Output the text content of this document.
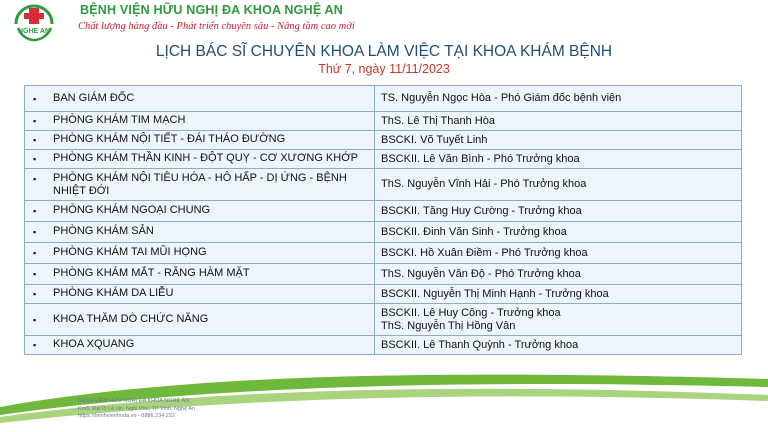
NGHE AN
BỆNH VIỆN HỮU NGHỊ ĐA KHOA NGHỆ AN
Chất lượng hàng đầu - Phát triển chuyên sâu - Nâng tầm cao mới
LỊCH BÁC SĨ CHUYÊN KHOA LÀM VIỆC TẠI KHOA KHÁM BỆNH
Thứ 7, ngày 11/11/2023
▪ BAN GIÁM ĐỐC	TS. Nguyễn Ngọc Hòa - Phó Giám đốc bệnh viện

▪ PHÒNG KHÁM TIM MẠCH	ThS. Lê Thị Thanh Hòa

▪ PHÒNG KHÁM NỘI TIẾT - ĐÁI THÁO ĐƯỜNG	BSCKI. Võ Tuyết Linh

▪ PHÒNG KHÁM THẦN KINH - ĐỘT QUỴ - CƠ XƯƠNG KHỚP	BSCKII. Lê Văn Bình - Phó Trưởng khoa

▪ PHÒNG KHÁM NỘI TIÊU HÓA - HÔ HẤP - DỊ ỨNG - BỆNH NHIỆT ĐỚI	ThS. Nguyễn Vĩnh Hải - Phó Trưởng khoa

▪ PHÒNG KHÁM NGOẠI CHUNG	BSCKII. Tăng Huy Cường - Trưởng khoa

▪ PHÒNG KHÁM SẢN	BSCKII. Đinh Văn Sinh - Trưởng khoa

▪ PHÒNG KHÁM TAI MŨI HỌNG	BSCKI. Hồ Xuân Điềm - Phó Trưởng khoa

▪ PHÒNG KHÁM MẮT - RĂNG HÀM MẶT	ThS. Nguyễn Văn Độ - Phó Trưởng khoa

▪ PHÒNG KHÁM DA LIỄU	BSCKII. Nguyễn Thị Minh Hạnh - Trưởng khoa

▪ KHOA THĂM DÒ CHỨC NĂNG	BSCKII. Lê Huy Công - Trưởng khoa
ThS. Nguyễn Thị Hồng Vân

▪ KHOA XQUANG	BSCKII. Lê Thanh Quỳnh - Trưởng khoa
BỆNH VIỆN HỮU NGHỊ ĐA KHOA NGHỆ AN
Km5, Đại lộ Lê nin, Nghi Phú, TP Vinh, Nghệ An
https://benhvienhnda.vn - 0886.234.222
